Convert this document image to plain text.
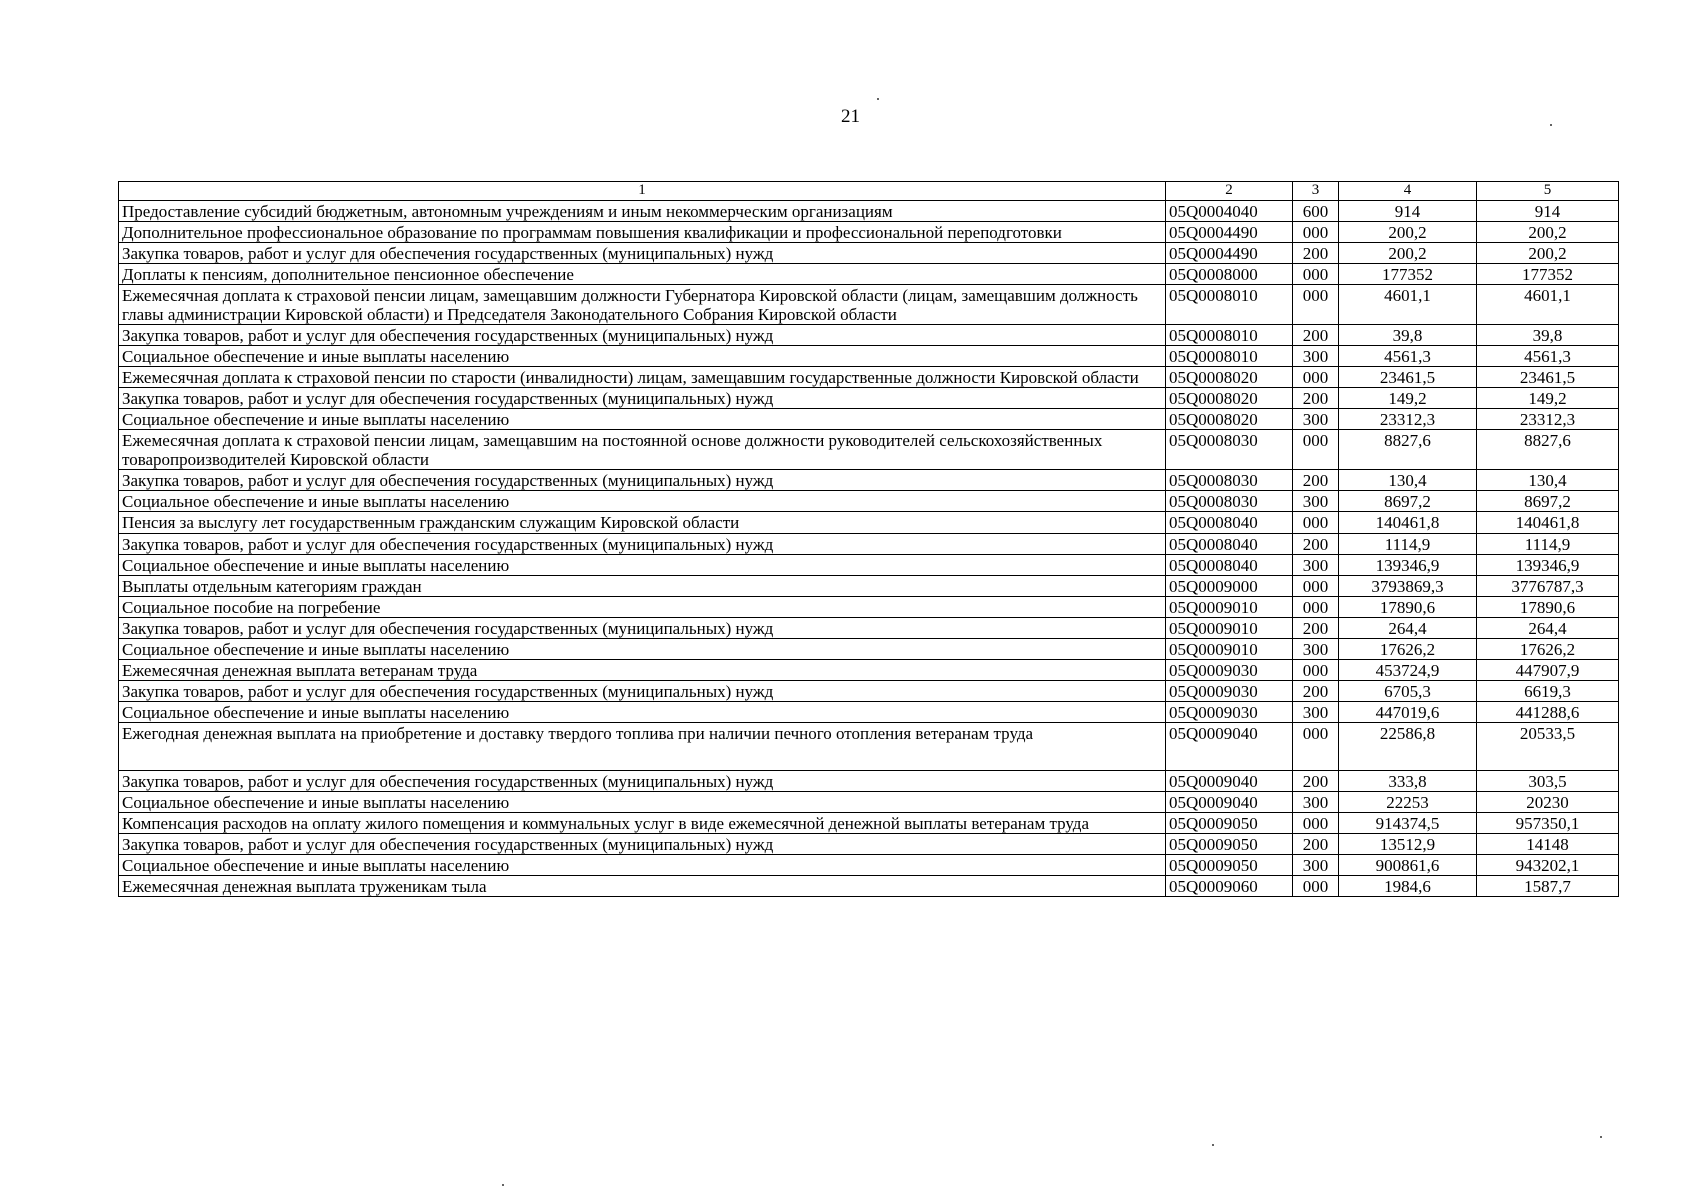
21
1	2	3	4	5
Предоставление субсидий бюджетным, автономным учреждениям и иным некоммерческим организациям	05Q0004040	600	914	914
Дополнительное профессиональное образование по программам повышения квалификации и профессиональной переподготовки	05Q0004490	000	200,2	200,2
Закупка товаров, работ и услуг для обеспечения государственных (муниципальных) нужд	05Q0004490	200	200,2	200,2
Доплаты к пенсиям, дополнительное пенсионное обеспечение	05Q0008000	000	177352	177352
Ежемесячная доплата к страховой пенсии лицам, замещавшим должности Губернатора Кировской области (лицам, замещавшим должность главы администрации Кировской области) и Председателя Законодательного Собрания Кировской области	05Q0008010	000	4601,1	4601,1
Закупка товаров, работ и услуг для обеспечения государственных (муниципальных) нужд	05Q0008010	200	39,8	39,8
Социальное обеспечение и иные выплаты населению	05Q0008010	300	4561,3	4561,3
Ежемесячная доплата к страховой пенсии по старости (инвалидности) лицам, замещавшим государственные должности Кировской области	05Q0008020	000	23461,5	23461,5
Закупка товаров, работ и услуг для обеспечения государственных (муниципальных) нужд	05Q0008020	200	149,2	149,2
Социальное обеспечение и иные выплаты населению	05Q0008020	300	23312,3	23312,3
Ежемесячная доплата к страховой пенсии лицам, замещавшим на постоянной основе должности руководителей сельскохозяйственных товаропроизводителей Кировской области	05Q0008030	000	8827,6	8827,6
Закупка товаров, работ и услуг для обеспечения государственных (муниципальных) нужд	05Q0008030	200	130,4	130,4
Социальное обеспечение и иные выплаты населению	05Q0008030	300	8697,2	8697,2
Пенсия за выслугу лет государственным гражданским служащим Кировской области	05Q0008040	000	140461,8	140461,8
Закупка товаров, работ и услуг для обеспечения государственных (муниципальных) нужд	05Q0008040	200	1114,9	1114,9
Социальное обеспечение и иные выплаты населению	05Q0008040	300	139346,9	139346,9
Выплаты отдельным категориям граждан	05Q0009000	000	3793869,3	3776787,3
Социальное пособие на погребение	05Q0009010	000	17890,6	17890,6
Закупка товаров, работ и услуг для обеспечения государственных (муниципальных) нужд	05Q0009010	200	264,4	264,4
Социальное обеспечение и иные выплаты населению	05Q0009010	300	17626,2	17626,2
Ежемесячная денежная выплата ветеранам труда	05Q0009030	000	453724,9	447907,9
Закупка товаров, работ и услуг для обеспечения государственных (муниципальных) нужд	05Q0009030	200	6705,3	6619,3
Социальное обеспечение и иные выплаты населению	05Q0009030	300	447019,6	441288,6
Ежегодная денежная выплата на приобретение и доставку твердого топлива при наличии печного отопления ветеранам труда	05Q0009040	000	22586,8	20533,5
Закупка товаров, работ и услуг для обеспечения государственных (муниципальных) нужд	05Q0009040	200	333,8	303,5
Социальное обеспечение и иные выплаты населению	05Q0009040	300	22253	20230
Компенсация расходов на оплату жилого помещения и коммунальных услуг в виде ежемесячной денежной выплаты ветеранам труда	05Q0009050	000	914374,5	957350,1
Закупка товаров, работ и услуг для обеспечения государственных (муниципальных) нужд	05Q0009050	200	13512,9	14148
Социальное обеспечение и иные выплаты населению	05Q0009050	300	900861,6	943202,1
Ежемесячная денежная выплата труженикам тыла	05Q0009060	000	1984,6	1587,7
